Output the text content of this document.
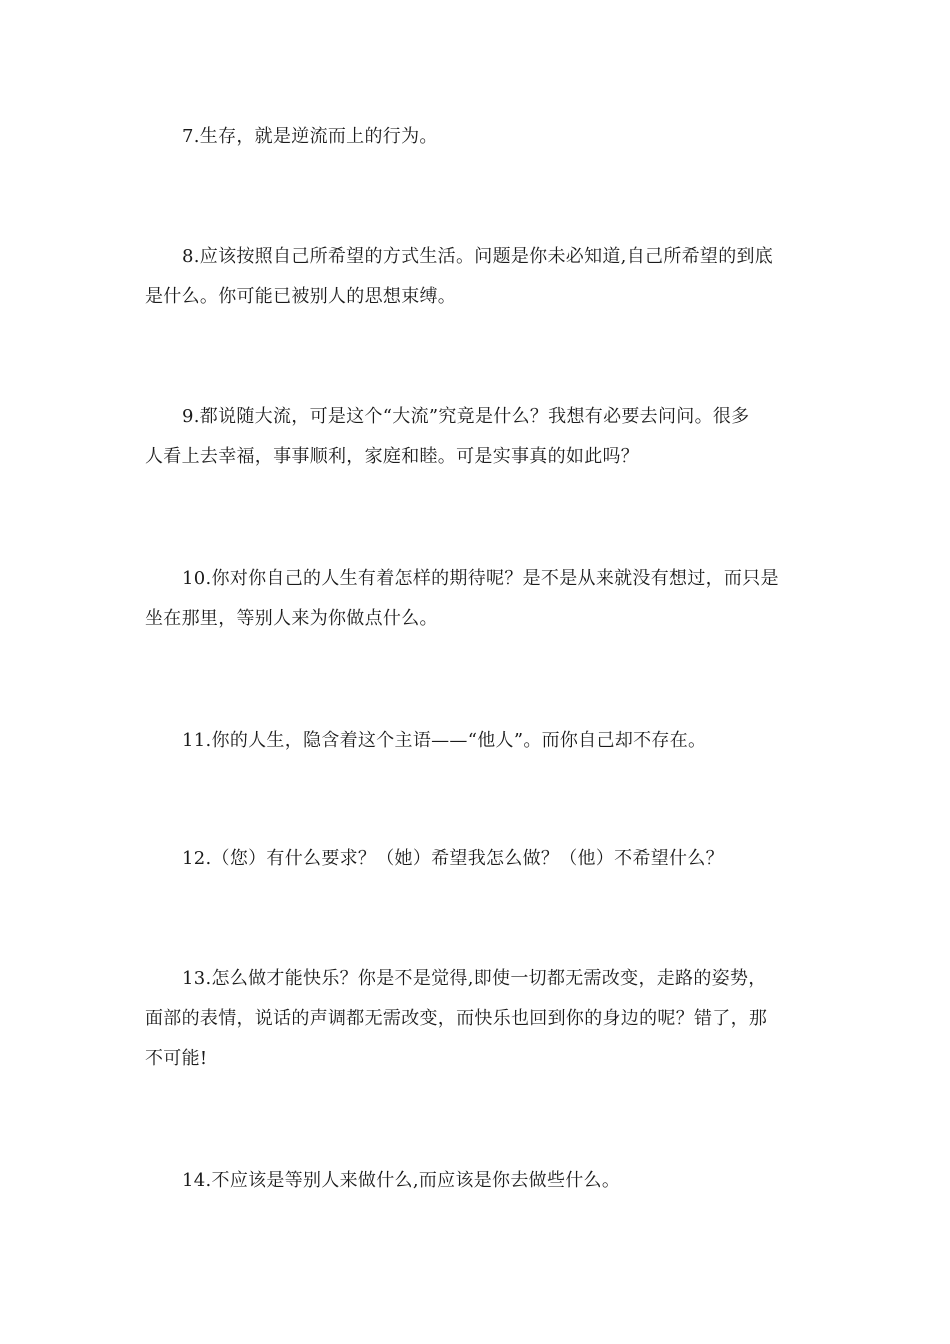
7.生存，就是逆流而上的行为。
8.应该按照自己所希望的方式生活。问题是你未必知道,自己所希望的到底
是什么。你可能已被别人的思想束缚。
9.都说随大流，可是这个“大流”究竟是什么？我想有必要去问问。很多
人看上去幸福，事事顺利，家庭和睦。可是实事真的如此吗？
10.你对你自己的人生有着怎样的期待呢？是不是从来就没有想过，而只是
坐在那里，等别人来为你做点什么。
11.你的人生，隐含着这个主语——“他人”。而你自己却不存在。
12.（您）有什么要求？（她）希望我怎么做？（他）不希望什么？
13.怎么做才能快乐？你是不是觉得,即使一切都无需改变，走路的姿势，
面部的表情，说话的声调都无需改变，而快乐也回到你的身边的呢？错了，那
不可能!
14.不应该是等别人来做什么,而应该是你去做些什么。
